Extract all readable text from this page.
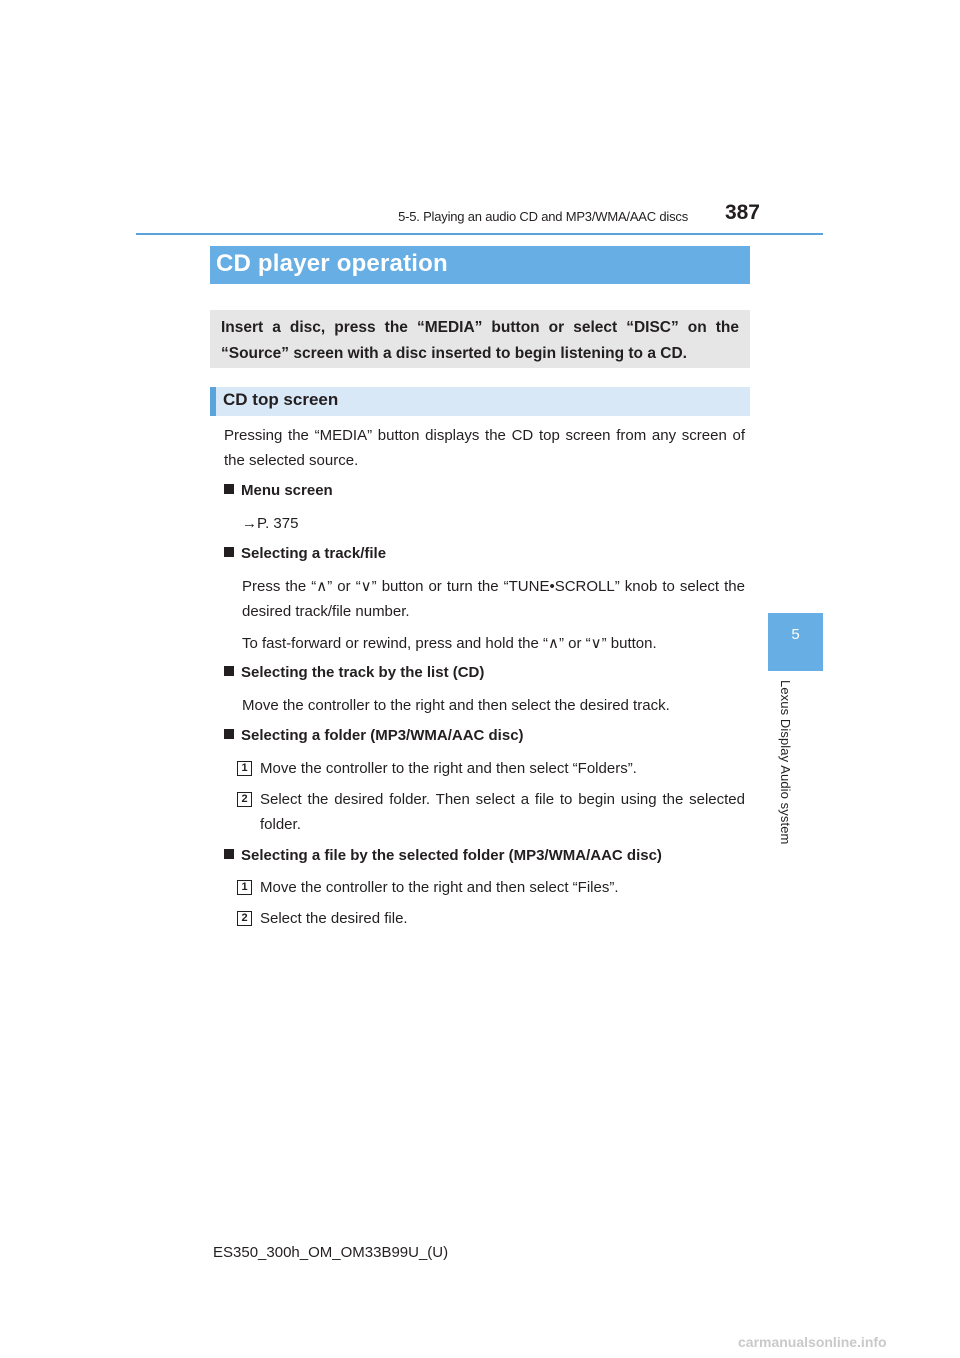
5-5. Playing an audio CD and MP3/WMA/AAC discs	387
5
Lexus Display Audio system
CD player operation

Insert a disc, press the “MEDIA” button or select “DISC” on the “Source” screen with a disc inserted to begin listening to a CD.

CD top screen
Pressing the “MEDIA” button displays the CD top screen from any screen of the selected source.
Menu screen
→P. 375
Selecting a track/file
Press the “∧” or “∨” button or turn the “TUNE•SCROLL” knob to select the desired track/file number.
To fast-forward or rewind, press and hold the “∧” or “∨” button.
Selecting the track by the list (CD)
Move the controller to the right and then select the desired track.
Selecting a folder (MP3/WMA/AAC disc)
1 Move the controller to the right and then select “Folders”.
2 Select the desired folder. Then select a file to begin using the selected folder.
Selecting a file by the selected folder (MP3/WMA/AAC disc)
1 Move the controller to the right and then select “Files”.
2 Select the desired file.
ES350_300h_OM_OM33B99U_(U)
carmanualsonline.info
